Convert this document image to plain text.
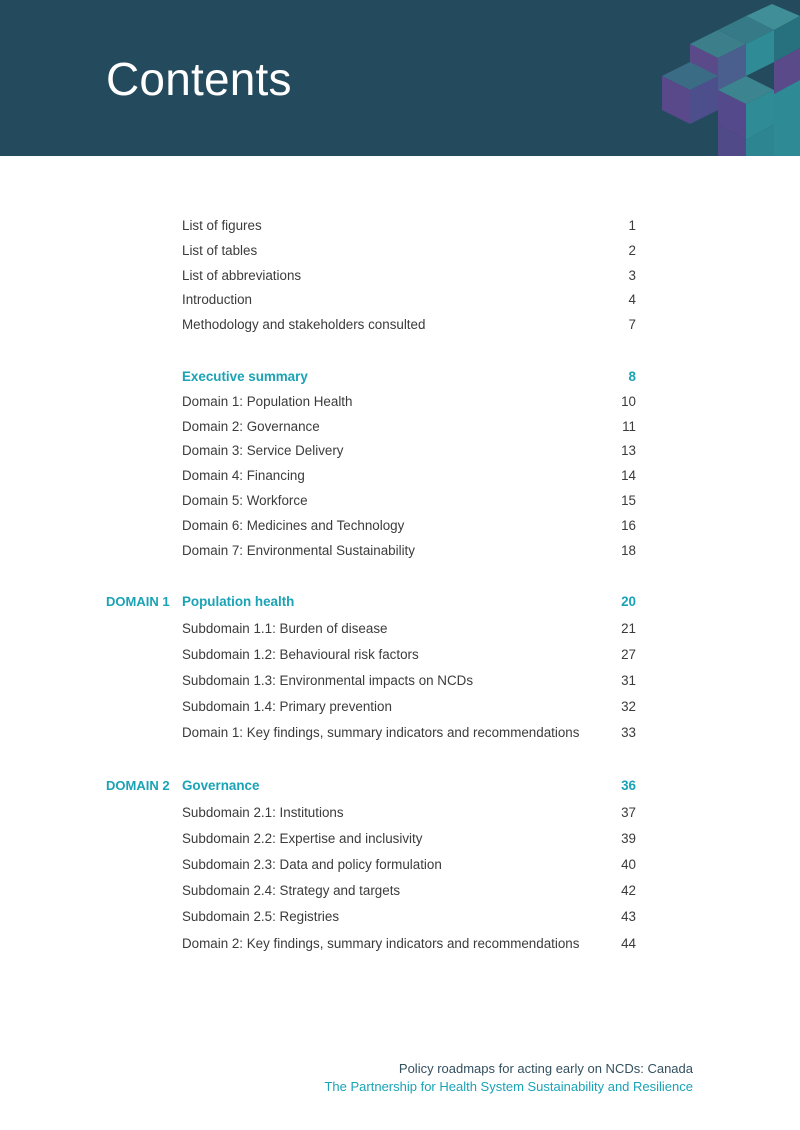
Contents
List of figures	1
List of tables	2
List of abbreviations	3
Introduction	4
Methodology and stakeholders consulted	7
Executive summary	8
Domain 1: Population Health	10
Domain 2: Governance	11
Domain 3: Service Delivery	13
Domain 4: Financing	14
Domain 5: Workforce	15
Domain 6: Medicines and Technology	16
Domain 7: Environmental Sustainability	18
DOMAIN 1 Population health	20
Subdomain 1.1: Burden of disease	21
Subdomain 1.2: Behavioural risk factors	27
Subdomain 1.3: Environmental impacts on NCDs	31
Subdomain 1.4: Primary prevention	32
Domain 1: Key findings, summary indicators and recommendations	33
DOMAIN 2 Governance	36
Subdomain 2.1: Institutions	37
Subdomain 2.2: Expertise and inclusivity	39
Subdomain 2.3: Data and policy formulation	40
Subdomain 2.4: Strategy and targets	42
Subdomain 2.5: Registries	43
Domain 2: Key findings, summary indicators and recommendations	44
Policy roadmaps for acting early on NCDs: Canada
The Partnership for Health System Sustainability and Resilience
